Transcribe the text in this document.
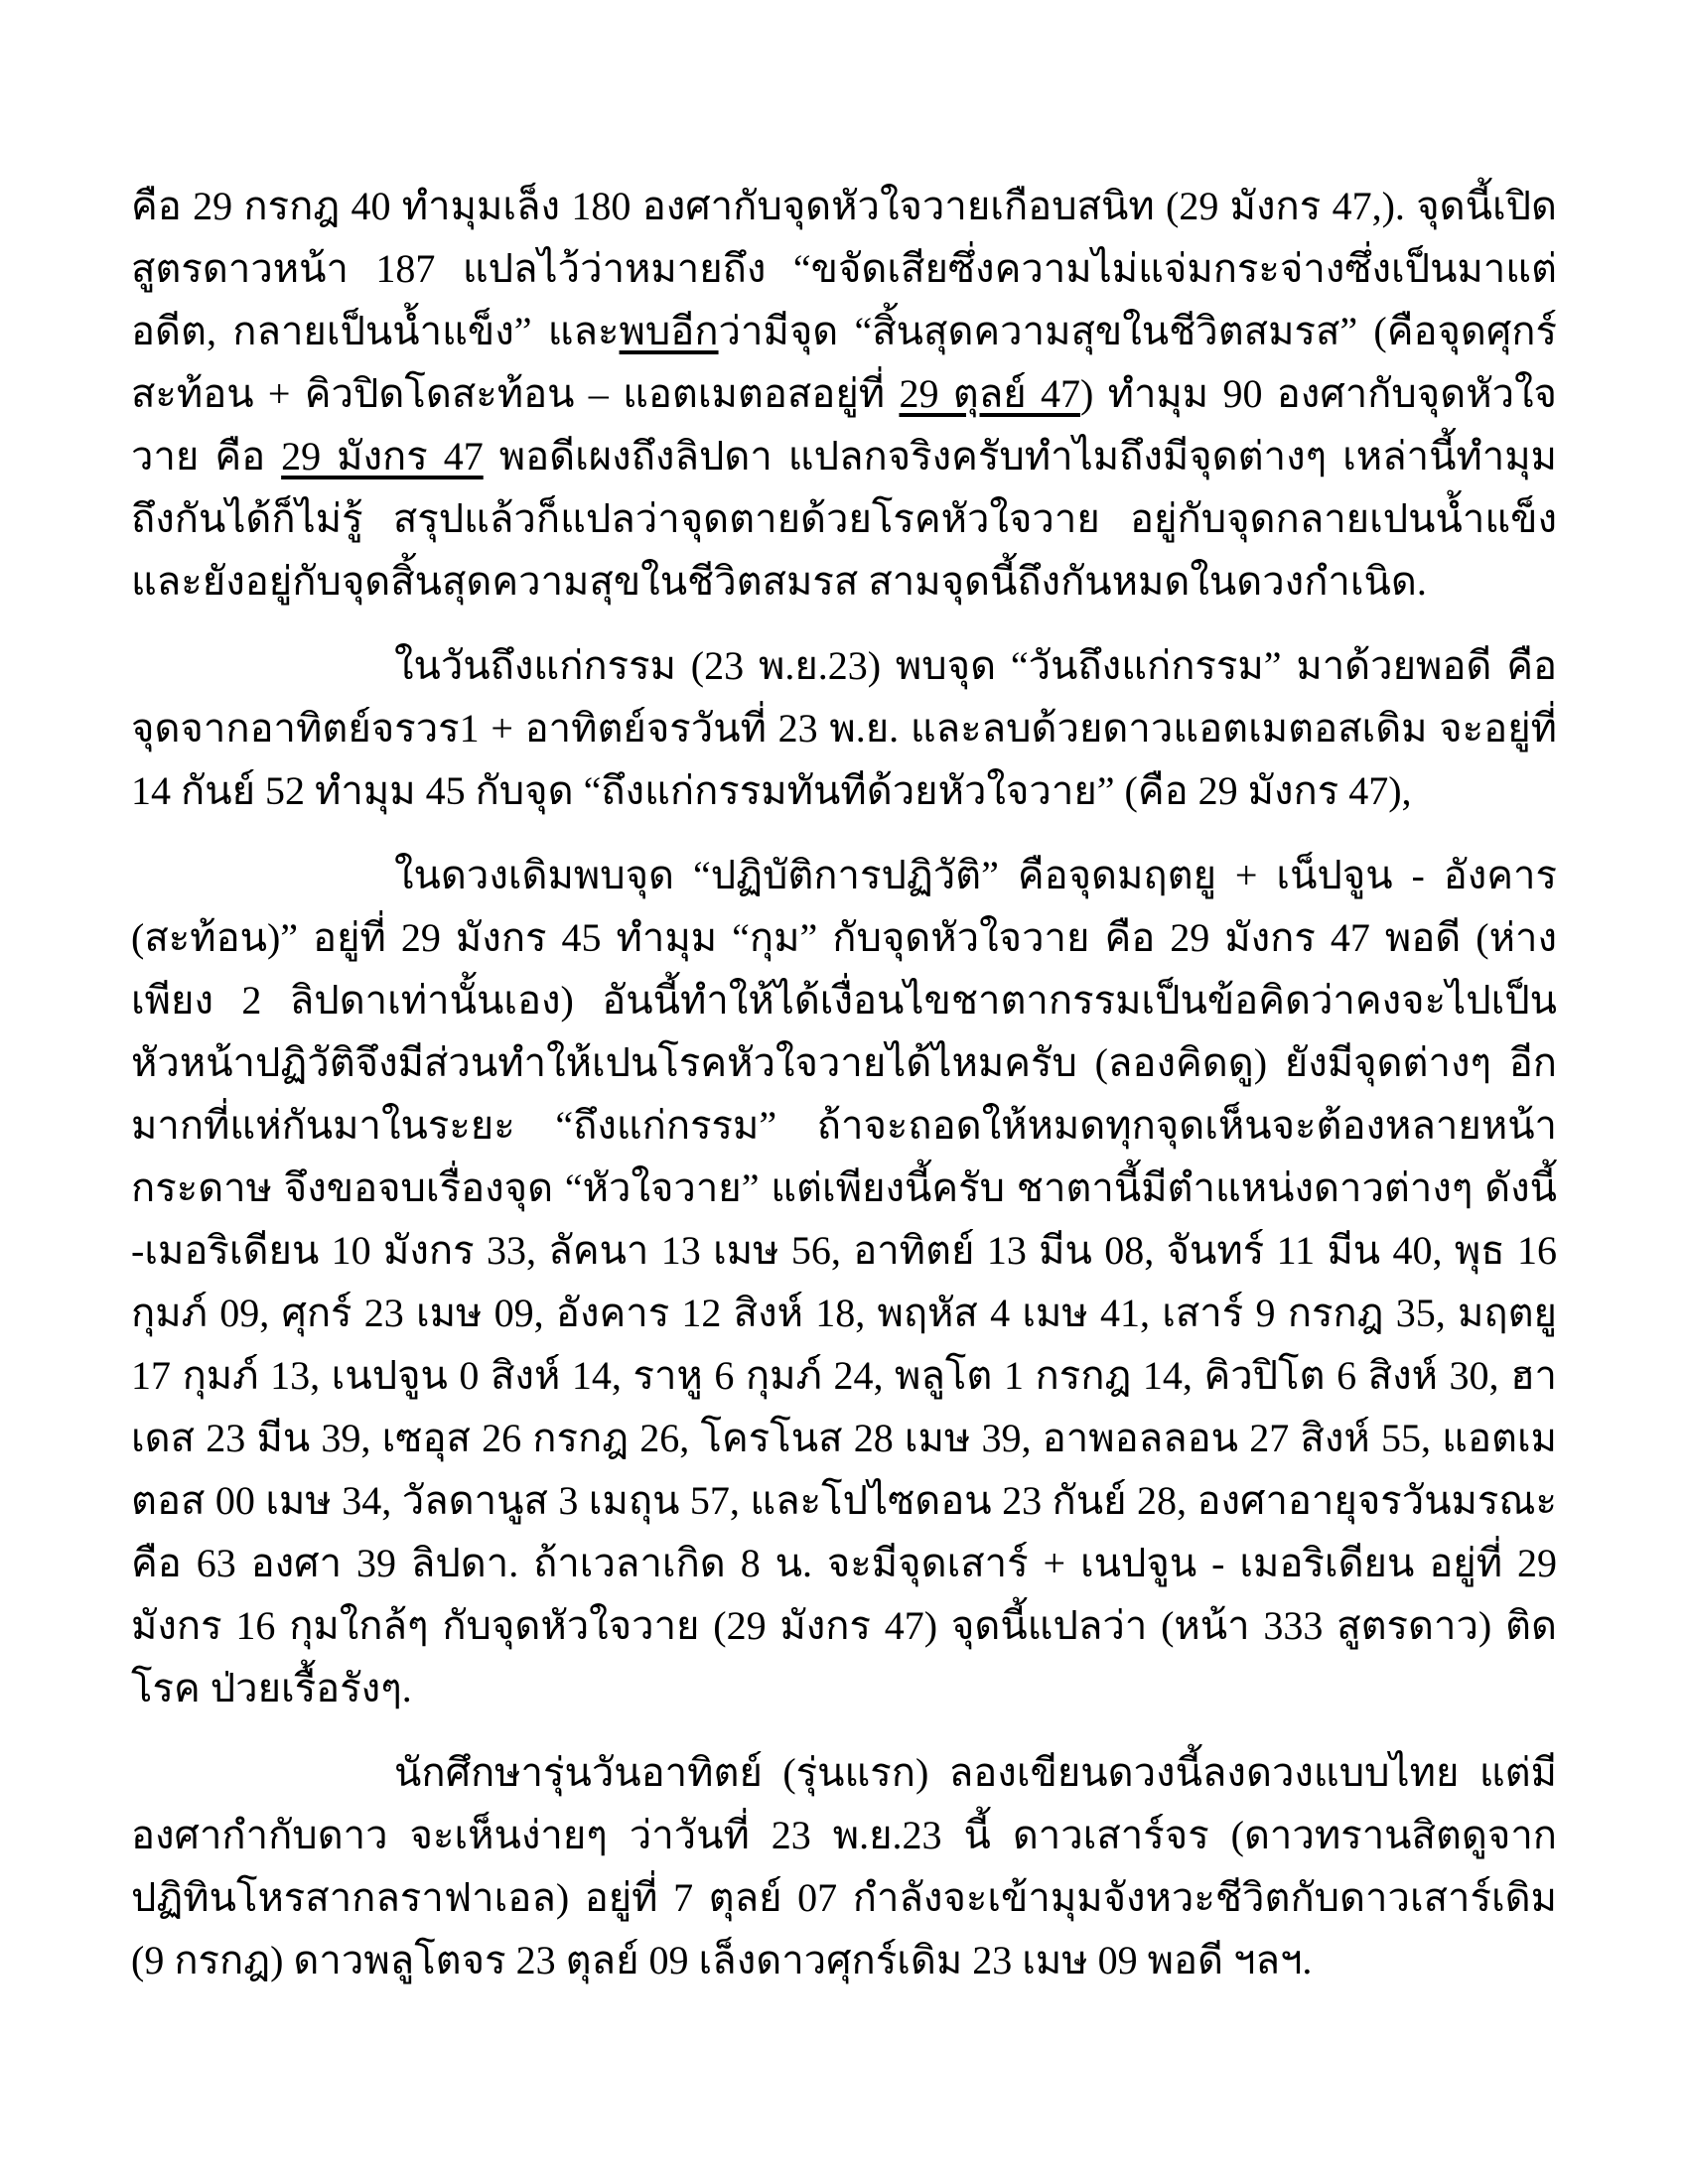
คือ 29 กรกฎ 40 ทำมุมเล็ง 180 องศากับจุดหัวใจวายเกือบสนิท (29 มังกร 47,). จุดนี้เปิดสูตรดาวหน้า 187 แปลไว้ว่าหมายถึง “ขจัดเสียซึ่งความไม่แจ่มกระจ่างซึ่งเป็นมาแต่อดีต, กลายเป็นน้ำแข็ง” และพบอีกว่ามีจุด “สิ้นสุดความสุขในชีวิตสมรส” (คือจุดศุกร์สะท้อน + คิวปิดโดสะท้อน – แอตเมตอสอยู่ที่ 29 ตุลย์ 47) ทำมุม 90 องศากับจุดหัวใจวาย คือ 29 มังกร 47 พอดีเผงถึงลิปดา แปลกจริงครับทำไมถึงมีจุดต่างๆ เหล่านี้ทำมุมถึงกันได้ก็ไม่รู้ สรุปแล้วก็แปลว่าจุดตายด้วยโรคหัวใจวาย อยู่กับจุดกลายเปนน้ำแข็ง และยังอยู่กับจุดสิ้นสุดความสุขในชีวิตสมรส สามจุดนี้ถึงกันหมดในดวงกำเนิด.

ในวันถึงแก่กรรม (23 พ.ย.23) พบจุด “วันถึงแก่กรรม” มาด้วยพอดี คือจุดจากอาทิตย์จรวร1 + อาทิตย์จรวันที่ 23 พ.ย. และลบด้วยดาวแอตเมตอสเดิม จะอยู่ที่ 14 กันย์ 52 ทำมุม 45 กับจุด “ถึงแก่กรรมทันทีด้วยหัวใจวาย” (คือ 29 มังกร 47),

ในดวงเดิมพบจุด “ปฏิบัติการปฏิวัติ” คือจุดมฤตยู + เน็ปจูน - อังคาร (สะท้อน)” อยู่ที่ 29 มังกร 45 ทำมุม “กุม” กับจุดหัวใจวาย คือ 29 มังกร 47 พอดี (ห่างเพียง 2 ลิปดาเท่านั้นเอง) อันนี้ทำให้ได้เงื่อนไขชาตากรรมเป็นข้อคิดว่าคงจะไปเป็นหัวหน้าปฏิวัติจึงมีส่วนทำให้เปนโรคหัวใจวายได้ไหมครับ (ลองคิดดู) ยังมีจุดต่างๆ อีกมากที่แห่กันมาในระยะ “ถึงแก่กรรม” ถ้าจะถอดให้หมดทุกจุดเห็นจะต้องหลายหน้ากระดาษ จึงขอจบเรื่องจุด “หัวใจวาย” แต่เพียงนี้ครับ ชาตานี้มีตำแหน่งดาวต่างๆ ดังนี้ -เมอริเดียน 10 มังกร 33, ลัคนา 13 เมษ 56, อาทิตย์ 13 มีน 08, จันทร์ 11 มีน 40, พุธ 16 กุมภ์ 09, ศุกร์ 23 เมษ 09, อังคาร 12 สิงห์ 18, พฤหัส 4 เมษ 41, เสาร์ 9 กรกฎ 35, มฤตยู 17 กุมภ์ 13, เนปจูน 0 สิงห์ 14, ราหู 6 กุมภ์ 24, พลูโต 1 กรกฎ 14, คิวปิโต 6 สิงห์ 30, ฮาเดส 23 มีน 39, เซอุส 26 กรกฎ 26, โครโนส 28 เมษ 39, อาพอลลอน 27 สิงห์ 55, แอตเมตอส 00 เมษ 34, วัลดานูส 3 เมถุน 57, และโปไซดอน 23 กันย์ 28, องศาอายุจรวันมรณะคือ 63 องศา 39 ลิปดา. ถ้าเวลาเกิด 8 น. จะมีจุดเสาร์ + เนปจูน - เมอริเดียน อยู่ที่ 29 มังกร 16 กุมใกล้ๆ กับจุดหัวใจวาย (29 มังกร 47) จุดนี้แปลว่า (หน้า 333 สูตรดาว) ติดโรค ป่วยเรื้อรังๆ.

นักศึกษารุ่นวันอาทิตย์ (รุ่นแรก) ลองเขียนดวงนี้ลงดวงแบบไทย แต่มีองศากำกับดาว จะเห็นง่ายๆ ว่าวันที่ 23 พ.ย.23 นี้ ดาวเสาร์จร (ดาวทรานสิตดูจากปฏิทินโหรสากลราฟาเอล) อยู่ที่ 7 ตุลย์ 07 กำลังจะเข้ามุมจังหวะชีวิตกับดาวเสาร์เดิม (9 กรกฎ) ดาวพลูโตจร 23 ตุลย์ 09 เล็งดาวศุกร์เดิม 23 เมษ 09 พอดี ฯลฯ.
